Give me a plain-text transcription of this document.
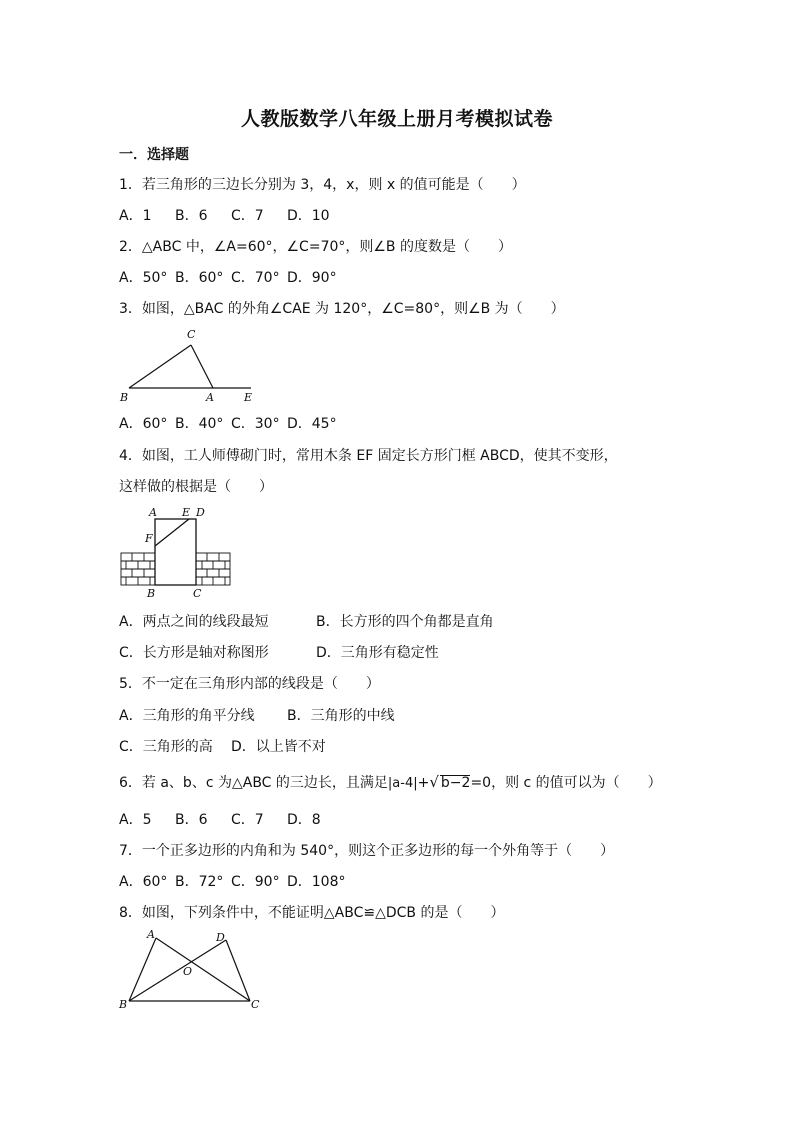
人教版数学八年级上册月考模拟试卷
一．选择题
1．若三角形的三边长分别为 3，4，x，则 x 的值可能是（　　）
A．1 B．6 C．7 D．10
2．△ABC 中，∠A=60°，∠C=70°，则∠B 的度数是（　　）
A．50° B．60° C．70° D．90°
3．如图，△BAC 的外角∠CAE 为 120°，∠C=80°，则∠B 为（　　）
C
B	A	E
A．60° B．40° C．30° D．45°
4．如图，工人师傅砌门时，常用木条 EF 固定长方形门框 ABCD，使其不变形，
这样做的根据是（　　）
A E D
F
B	C
A．两点之间的线段最短	B．长方形的四个角都是直角
C．长方形是轴对称图形	D．三角形有稳定性
5．不一定在三角形内部的线段是（　　）
A．三角形的角平分线 B．三角形的中线
C．三角形的高 D．以上皆不对
6．若 a、b、c 为△ABC 的三边长，且满足|a-4|+√ b−2=0，则 c 的值可以为（　　）
A．5 B．6 C．7 D．8
7．一个正多边形的内角和为 540°，则这个正多边形的每一个外角等于（　　）
A．60° B．72° C．90° D．108°
8．如图，下列条件中，不能证明△ABC≌△DCB 的是（　　）
A	D
O
B	C
